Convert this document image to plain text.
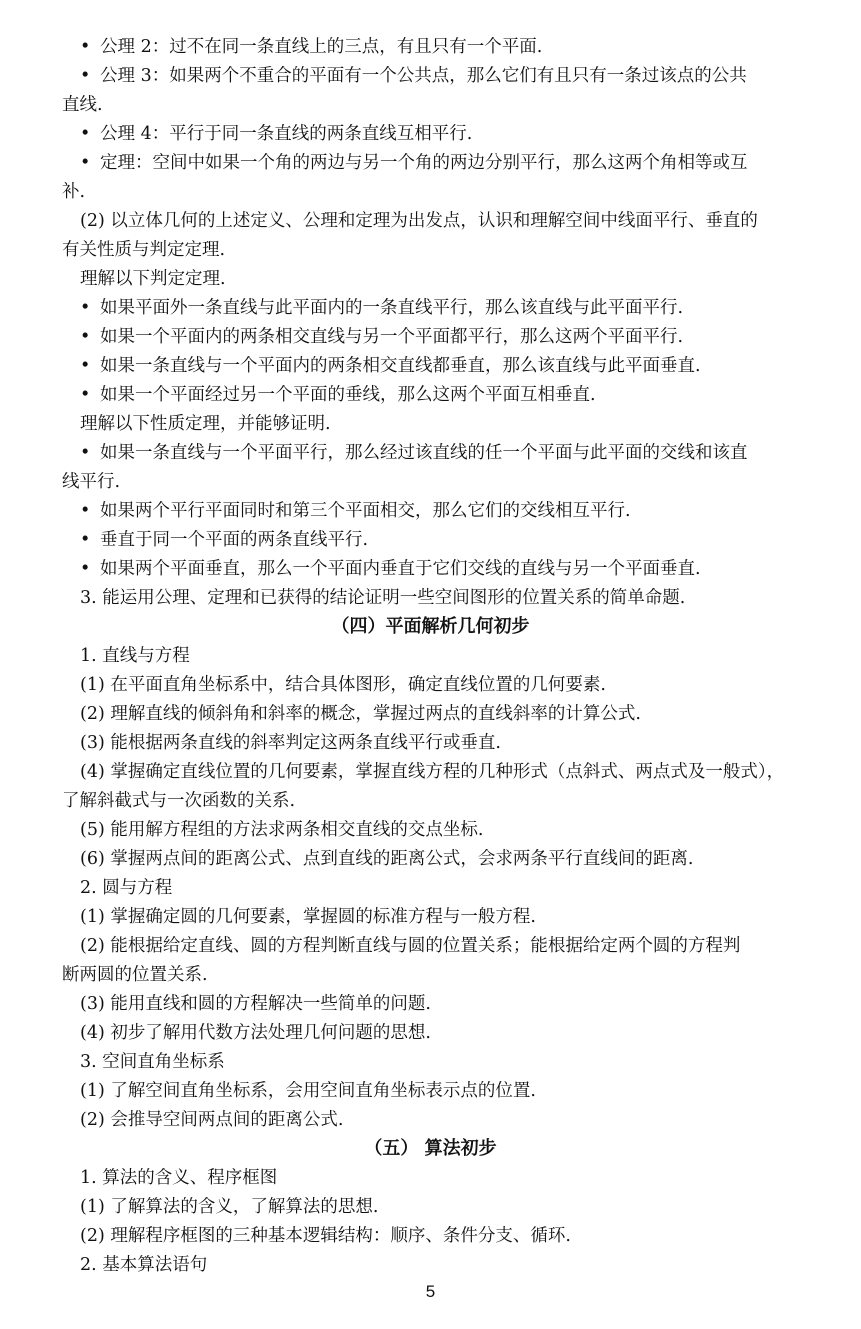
• 公理 2：过不在同一条直线上的三点，有且只有一个平面.
• 公理 3：如果两个不重合的平面有一个公共点，那么它们有且只有一条过该点的公共
直线.
• 公理 4：平行于同一条直线的两条直线互相平行.
• 定理：空间中如果一个角的两边与另一个角的两边分别平行，那么这两个角相等或互
补.
(2) 以立体几何的上述定义、公理和定理为出发点，认识和理解空间中线面平行、垂直的
有关性质与判定定理.
理解以下判定定理.
• 如果平面外一条直线与此平面内的一条直线平行，那么该直线与此平面平行.
• 如果一个平面内的两条相交直线与另一个平面都平行，那么这两个平面平行.
• 如果一条直线与一个平面内的两条相交直线都垂直，那么该直线与此平面垂直.
• 如果一个平面经过另一个平面的垂线，那么这两个平面互相垂直.
理解以下性质定理，并能够证明.
• 如果一条直线与一个平面平行，那么经过该直线的任一个平面与此平面的交线和该直
线平行.
• 如果两个平行平面同时和第三个平面相交，那么它们的交线相互平行.
• 垂直于同一个平面的两条直线平行.
• 如果两个平面垂直，那么一个平面内垂直于它们交线的直线与另一个平面垂直.
3. 能运用公理、定理和已获得的结论证明一些空间图形的位置关系的简单命题.
（四）平面解析几何初步
1. 直线与方程
(1) 在平面直角坐标系中，结合具体图形，确定直线位置的几何要素.
(2) 理解直线的倾斜角和斜率的概念，掌握过两点的直线斜率的计算公式.
(3) 能根据两条直线的斜率判定这两条直线平行或垂直.
(4) 掌握确定直线位置的几何要素，掌握直线方程的几种形式（点斜式、两点式及一般式），
了解斜截式与一次函数的关系.
(5) 能用解方程组的方法求两条相交直线的交点坐标.
(6) 掌握两点间的距离公式、点到直线的距离公式，会求两条平行直线间的距离.
2. 圆与方程
(1) 掌握确定圆的几何要素，掌握圆的标准方程与一般方程.
(2) 能根据给定直线、圆的方程判断直线与圆的位置关系；能根据给定两个圆的方程判
断两圆的位置关系.
(3) 能用直线和圆的方程解决一些简单的问题.
(4) 初步了解用代数方法处理几何问题的思想.
3. 空间直角坐标系
(1) 了解空间直角坐标系，会用空间直角坐标表示点的位置.
(2) 会推导空间两点间的距离公式.
（五） 算法初步
1. 算法的含义、程序框图
(1) 了解算法的含义，了解算法的思想.
(2) 理解程序框图的三种基本逻辑结构：顺序、条件分支、循环.
2. 基本算法语句
5
